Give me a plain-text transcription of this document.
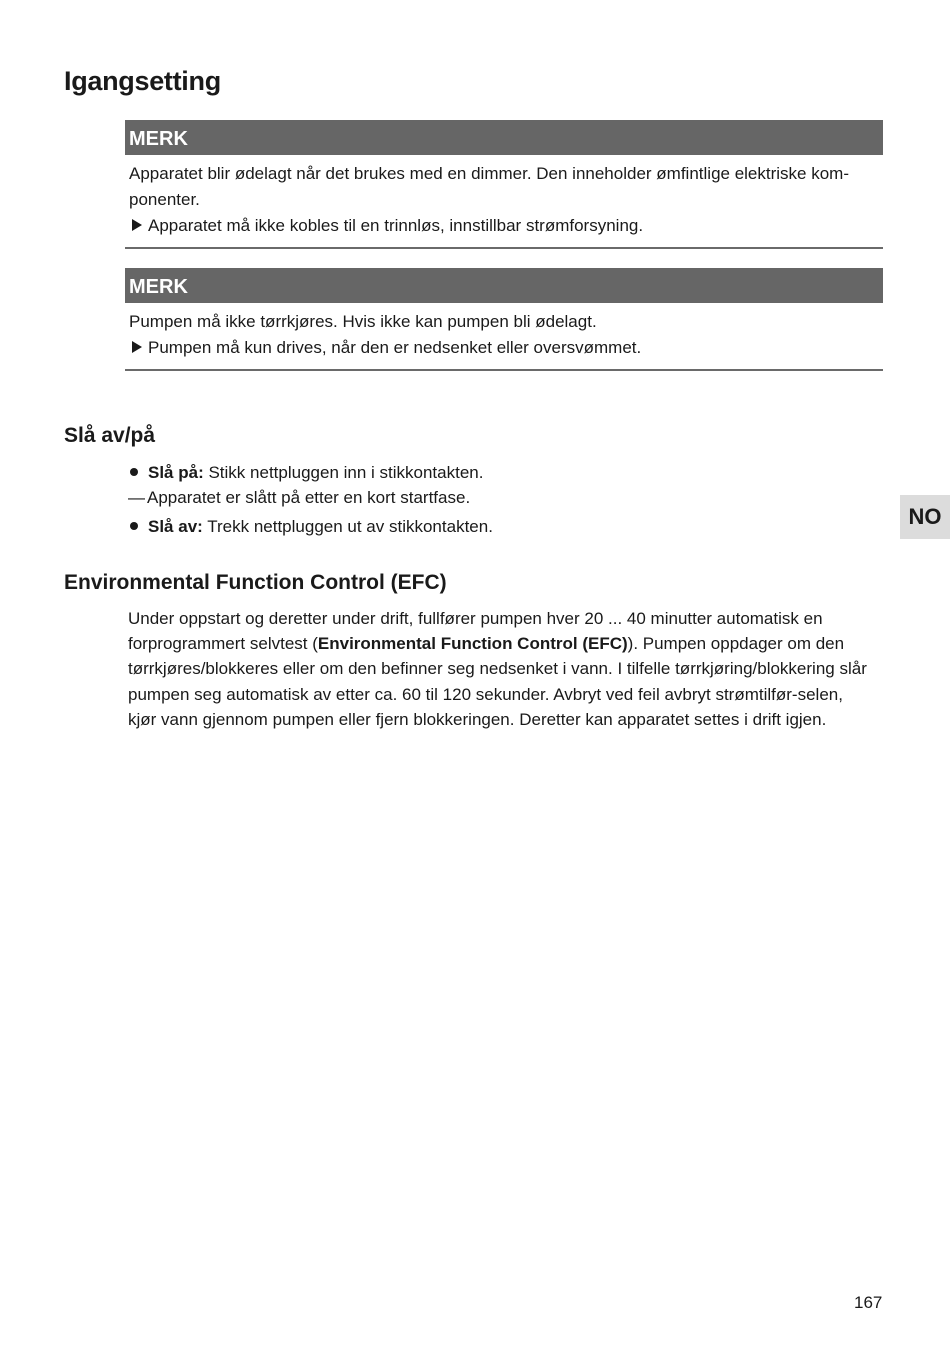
Igangsetting
MERK
Apparatet blir ødelagt når det brukes med en dimmer. Den inneholder ømfintlige elektriske kom-ponenter.
Apparatet må ikke kobles til en trinnløs, innstillbar strømforsyning.
MERK
Pumpen må ikke tørrkjøres. Hvis ikke kan pumpen bli ødelagt.
Pumpen må kun drives, når den er nedsenket eller oversvømmet.
Slå av/på
Slå på: Stikk nettpluggen inn i stikkontakten.
— Apparatet er slått på etter en kort startfase.
Slå av: Trekk nettpluggen ut av stikkontakten.
Environmental Function Control (EFC)

Under oppstart og deretter under drift, fullfører pumpen hver 20 ... 40 minutter automatisk en forprogrammert selvtest (Environmental Function Control (EFC)). Pumpen oppdager om den tørrkjøres/blokkeres eller om den befinner seg nedsenket i vann. I tilfelle tørrkjøring/blokkering slår pumpen seg automatisk av etter ca. 60 til 120 sekunder. Avbryt ved feil avbryt strømtilfør-selen, kjør vann gjennom pumpen eller fjern blokkeringen. Deretter kan apparatet settes i drift igjen.

NO
167
